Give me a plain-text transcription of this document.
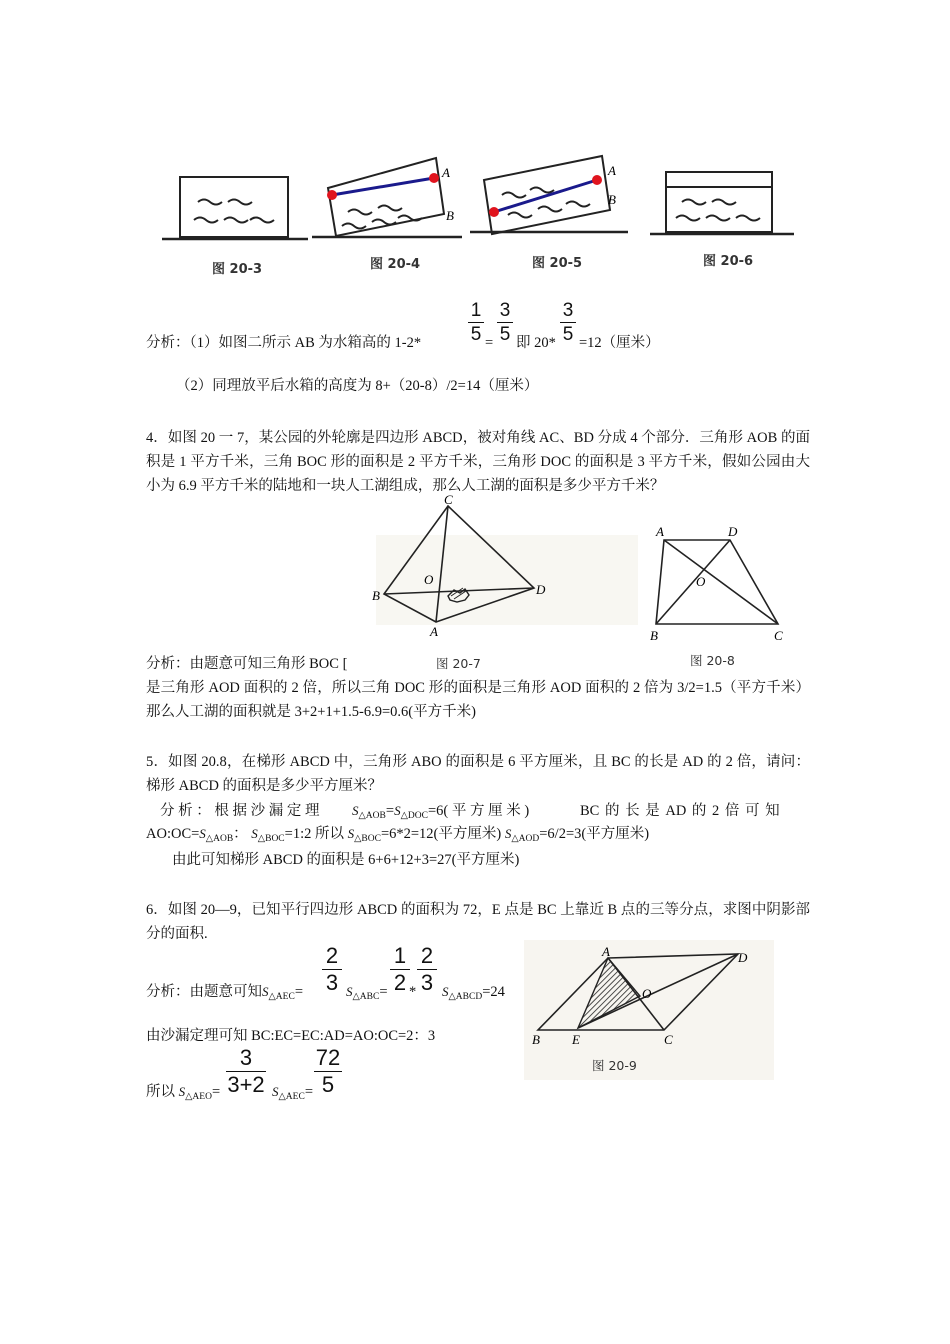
A
B
A
B
图 20-3	图 20-4	图 20-5	图 20-6
分析：（1）如图二所示 AB 为水箱高的 1-2*
1
5 =
3
5 即 20*
3
5 =12（厘米）
（2）同理放平后水箱的高度为 8+（20-8）/2=14（厘米）
4．如图 20 一 7，某公园的外轮廓是四边形 ABCD，被对角线 AC、BD 分成 4 个部分．三角形 AOB 的面积是 1 平方千米，三角 BOC 形的面积是 2 平方千米，三角形 DOC 的面积是 3 平方千米，假如公园由大小为 6.9 平方千米的陆地和一块人工湖组成，那么人工湖的面积是多少平方千米？
C
B
A
D
O
图 20-7
A	D
B	C
O
图 20-8
分析：由题意可知三角形 BOC [
是三角形 AOD 面积的 2 倍，所以三角 DOC 形的面积是三角形 AOD 面积的 2 倍为 3/2=1.5（平方千米）那么人工湖的面积就是 3+2+1+1.5-6.9=0.6(平方千米)
5．如图 20.8，在梯形 ABCD 中，三角形 ABO 的面积是 6 平方厘米，且 BC 的长是 AD 的 2 倍，请问：梯形 ABCD 的面积是多少平方厘米？
分 析 ： 根 据 沙 漏 定 理	$S_{\triangle AOB}=S_{\triangle DOC}=6$( 平 方 厘 米 )	BC 的 长 是 AD 的 2 倍 可 知
$AO:OC=S_{\triangle AOB}$： $S_{\triangle BOC}=1:2$ 所以 $S_{\triangle BOC}=6*2=12$(平方厘米) $S_{\triangle AOD}=6/2=3$(平方厘米)
由此可知梯形 ABCD 的面积是 6+6+12+3=27(平方厘米)
6．如图 20—9，已知平行四边形 ABCD 的面积为 72，E 点是 BC 上靠近 B 点的三等分点，求图中阴影部分的面积.
分析：由题意可知$S_{\triangle AEC}=$
2
3 $S_{\triangle ABC}=$
1
2 *
2
3 $S_{\triangle ABCD}=24$
由沙漏定理可知 BC:EC=EC:AD=AO:OC=2：3
所以 $S_{\triangle AEO}=$
3
3+2 $S_{\triangle AEC}=$
72
5
A	D
B E	C
O
图 20-9
